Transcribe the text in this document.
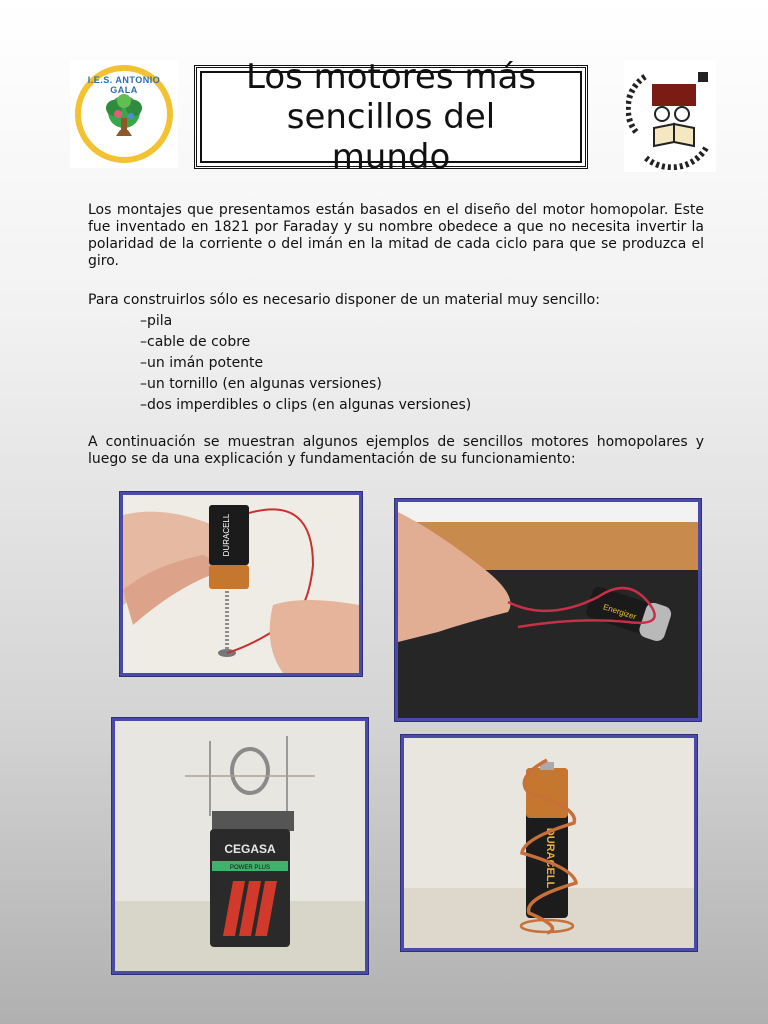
I.E.S. ANTONIO GALA	Los motores más sencillos del mundo
Los montajes que presentamos están basados en el diseño del motor homopolar. Este fue inventado en 1821 por Faraday y su nombre obedece a que no necesita invertir la polaridad de la corriente o del imán en la mitad de cada ciclo para que se produzca el giro.
Para construirlos sólo es necesario disponer de un material muy sencillo:
–pila
–cable de cobre
–un imán potente
–un tornillo (en algunas versiones)
–dos imperdibles o clips (en algunas versiones)
A continuación se muestran algunos ejemplos de sencillos motores homopolares y luego se da una explicación y fundamentación de su funcionamiento:
DURACELL
Energizer
CEGASA
POWER PLUS	DURACELL
